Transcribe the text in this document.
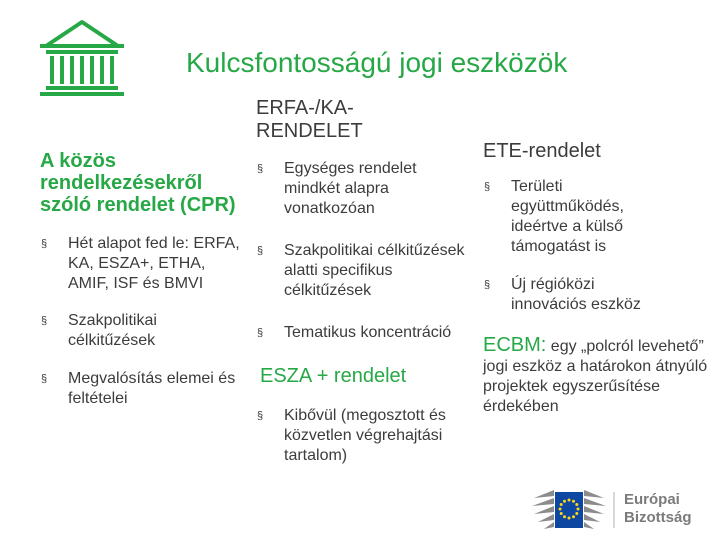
Kulcsfontosságú jogi eszközök
A közös rendelkezésekről szóló rendelet (CPR)
§ Hét alapot fed le: ERFA, KA, ESZA+, ETHA, AMIF, ISF és BMVI
§ Szakpolitikai célkitűzések
§ Megvalósítás elemei és feltételei
ERFA-/KA-RENDELET
§ Egységes rendelet mindkét alapra vonatkozóan
§ Szakpolitikai célkitűzések alatti specifikus célkitűzések
§ Tematikus koncentráció
ESZA + rendelet
§ Kibővül (megosztott és közvetlen végrehajtási tartalom)
ETE-rendelet
§ Területi együttműködés, ideértve a külső támogatást is
§ Új régióközi innovációs eszköz
ECBM: egy „polcról levehető” jogi eszköz a határokon átnyúló projektek egyszerűsítése érdekében
Európai
Bizottság
